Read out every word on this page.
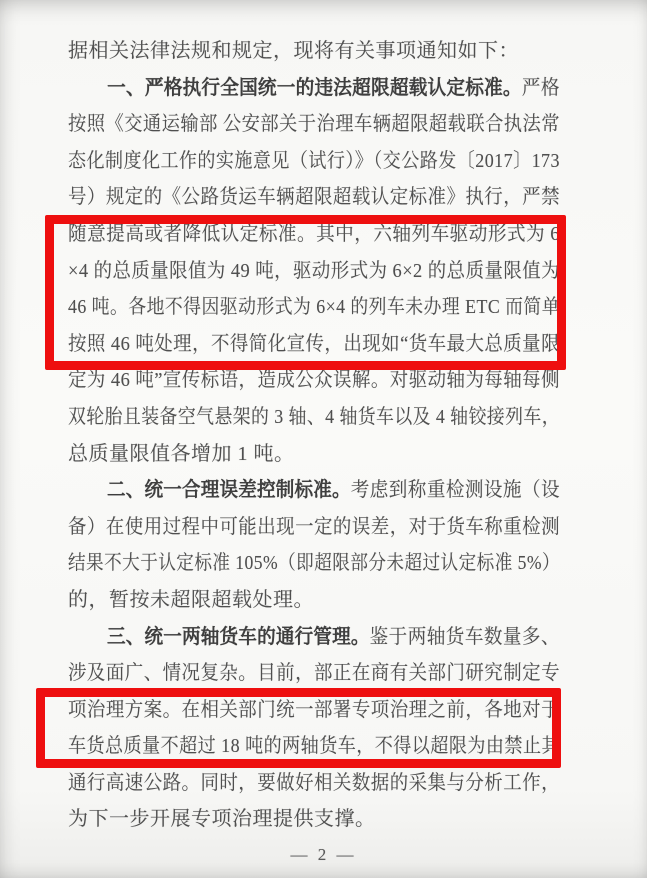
据相关法律法规和规定，现将有关事项通知如下：
一、严格执行全国统一的违法超限超载认定标准。严格
按照《交通运输部 公安部关于治理车辆超限超载联合执法常
态化制度化工作的实施意见（试行）》（交公路发〔2017〕173
号）规定的《公路货运车辆超限超载认定标准》执行，严禁
随意提高或者降低认定标准。其中，六轴列车驱动形式为 6
×4 的总质量限值为 49 吨，驱动形式为 6×2 的总质量限值为
46 吨。各地不得因驱动形式为 6×4 的列车未办理 ETC 而简单
按照 46 吨处理，不得简化宣传，出现如“货车最大总质量限
定为 46 吨”宣传标语，造成公众误解。对驱动轴为每轴每侧
双轮胎且装备空气悬架的 3 轴、4 轴货车以及 4 轴铰接列车，
总质量限值各增加 1 吨。
二、统一合理误差控制标准。考虑到称重检测设施（设
备）在使用过程中可能出现一定的误差，对于货车称重检测
结果不大于认定标准 105%（即超限部分未超过认定标准 5%）
的，暂按未超限超载处理。
三、统一两轴货车的通行管理。鉴于两轴货车数量多、
涉及面广、情况复杂。目前，部正在商有关部门研究制定专
项治理方案。在相关部门统一部署专项治理之前，各地对于
车货总质量不超过 18 吨的两轴货车，不得以超限为由禁止其
通行高速公路。同时，要做好相关数据的采集与分析工作，
为下一步开展专项治理提供支撑。
— 2 —
